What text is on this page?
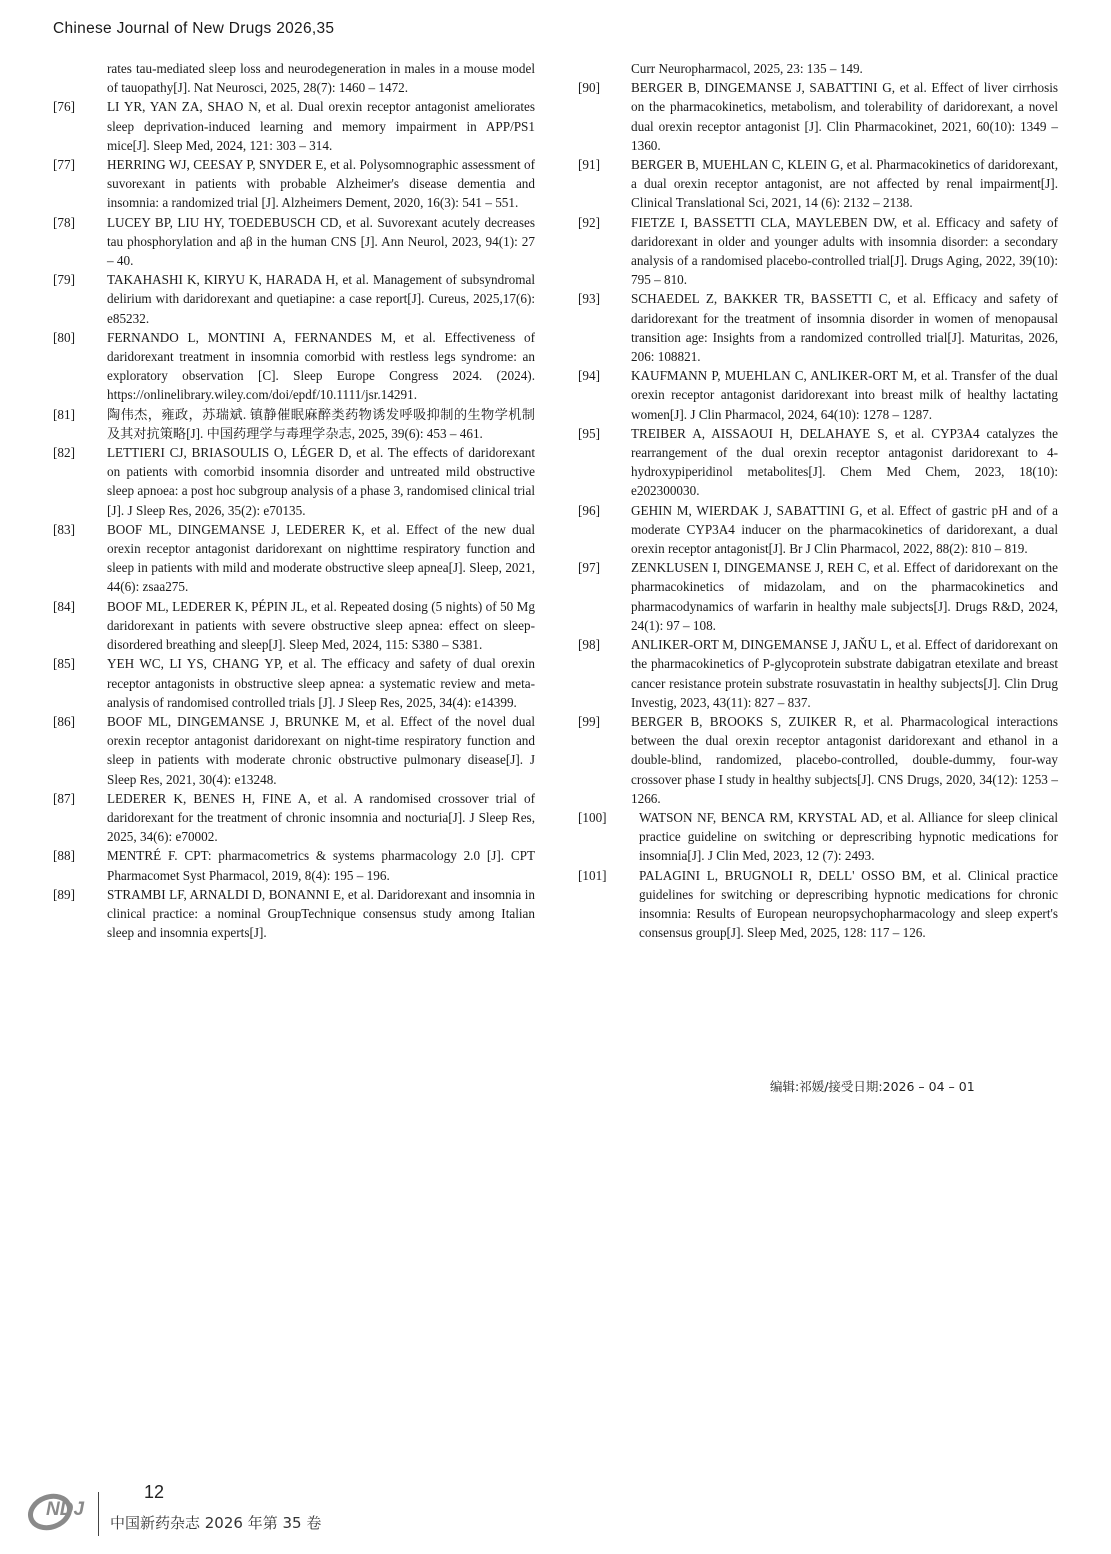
Chinese Journal of New Drugs 2026,35
rates tau-mediated sleep loss and neurodegeneration in males in a mouse model of tauopathy[J]. Nat Neurosci, 2025, 28(7): 1460 – 1472.
[76]	LI YR, YAN ZA, SHAO N, et al. Dual orexin receptor antagonist ameliorates sleep deprivation-induced learning and memory impairment in APP/PS1 mice[J]. Sleep Med, 2024, 121: 303 – 314.
[77]	HERRING WJ, CEESAY P, SNYDER E, et al. Polysomnographic assessment of suvorexant in patients with probable Alzheimer's disease dementia and insomnia: a randomized trial [J]. Alzheimers Dement, 2020, 16(3): 541 – 551.
[78]	LUCEY BP, LIU HY, TOEDEBUSCH CD, et al. Suvorexant acutely decreases tau phosphorylation and aβ in the human CNS [J]. Ann Neurol, 2023, 94(1): 27 – 40.
[79]	TAKAHASHI K, KIRYU K, HARADA H, et al. Management of subsyndromal delirium with daridorexant and quetiapine: a case report[J]. Cureus, 2025,17(6): e85232.
[80]	FERNANDO L, MONTINI A, FERNANDES M, et al. Effectiveness of daridorexant treatment in insomnia comorbid with restless legs syndrome: an exploratory observation [C]. Sleep Europe Congress 2024. (2024). https://onlinelibrary.wiley.com/doi/epdf/10.1111/jsr.14291.
[81]	陶伟杰，雍政，苏瑞斌. 镇静催眠麻醉类药物诱发呼吸抑制的生物学机制及其对抗策略[J]. 中国药理学与毒理学杂志, 2025, 39(6): 453 – 461.
[82]	LETTIERI CJ, BRIASOULIS O, LÉGER D, et al. The effects of daridorexant on patients with comorbid insomnia disorder and untreated mild obstructive sleep apnoea: a post hoc subgroup analysis of a phase 3, randomised clinical trial [J]. J Sleep Res, 2026, 35(2): e70135.
[83]	BOOF ML, DINGEMANSE J, LEDERER K, et al. Effect of the new dual orexin receptor antagonist daridorexant on nighttime respiratory function and sleep in patients with mild and moderate obstructive sleep apnea[J]. Sleep, 2021, 44(6): zsaa275.
[84]	BOOF ML, LEDERER K, PÉPIN JL, et al. Repeated dosing (5 nights) of 50 Mg daridorexant in patients with severe obstructive sleep apnea: effect on sleep-disordered breathing and sleep[J]. Sleep Med, 2024, 115: S380 – S381.
[85]	YEH WC, LI YS, CHANG YP, et al. The efficacy and safety of dual orexin receptor antagonists in obstructive sleep apnea: a systematic review and meta-analysis of randomised controlled trials [J]. J Sleep Res, 2025, 34(4): e14399.
[86]	BOOF ML, DINGEMANSE J, BRUNKE M, et al. Effect of the novel dual orexin receptor antagonist daridorexant on night-time respiratory function and sleep in patients with moderate chronic obstructive pulmonary disease[J]. J Sleep Res, 2021, 30(4): e13248.
[87]	LEDERER K, BENES H, FINE A, et al. A randomised crossover trial of daridorexant for the treatment of chronic insomnia and nocturia[J]. J Sleep Res, 2025, 34(6): e70002.
[88]	MENTRÉ F. CPT: pharmacometrics & systems pharmacology 2.0 [J]. CPT Pharmacomet Syst Pharmacol, 2019, 8(4): 195 – 196.
[89]	STRAMBI LF, ARNALDI D, BONANNI E, et al. Daridorexant and insomnia in clinical practice: a nominal GroupTechnique consensus study among Italian sleep and insomnia experts[J].
Curr Neuropharmacol, 2025, 23: 135 – 149.
[90]	BERGER B, DINGEMANSE J, SABATTINI G, et al. Effect of liver cirrhosis on the pharmacokinetics, metabolism, and tolerability of daridorexant, a novel dual orexin receptor antagonist [J]. Clin Pharmacokinet, 2021, 60(10): 1349 – 1360.
[91]	BERGER B, MUEHLAN C, KLEIN G, et al. Pharmacokinetics of daridorexant, a dual orexin receptor antagonist, are not affected by renal impairment[J]. Clinical Translational Sci, 2021, 14 (6): 2132 – 2138.
[92]	FIETZE I, BASSETTI CLA, MAYLEBEN DW, et al. Efficacy and safety of daridorexant in older and younger adults with insomnia disorder: a secondary analysis of a randomised placebo-controlled trial[J]. Drugs Aging, 2022, 39(10): 795 – 810.
[93]	SCHAEDEL Z, BAKKER TR, BASSETTI C, et al. Efficacy and safety of daridorexant for the treatment of insomnia disorder in women of menopausal transition age: Insights from a randomized controlled trial[J]. Maturitas, 2026, 206: 108821.
[94]	KAUFMANN P, MUEHLAN C, ANLIKER-ORT M, et al. Transfer of the dual orexin receptor antagonist daridorexant into breast milk of healthy lactating women[J]. J Clin Pharmacol, 2024, 64(10): 1278 – 1287.
[95]	TREIBER A, AISSAOUI H, DELAHAYE S, et al. CYP3A4 catalyzes the rearrangement of the dual orexin receptor antagonist daridorexant to 4-hydroxypiperidinol metabolites[J]. Chem Med Chem, 2023, 18(10): e202300030.
[96]	GEHIN M, WIERDAK J, SABATTINI G, et al. Effect of gastric pH and of a moderate CYP3A4 inducer on the pharmacokinetics of daridorexant, a dual orexin receptor antagonist[J]. Br J Clin Pharmacol, 2022, 88(2): 810 – 819.
[97]	ZENKLUSEN I, DINGEMANSE J, REH C, et al. Effect of daridorexant on the pharmacokinetics of midazolam, and on the pharmacokinetics and pharmacodynamics of warfarin in healthy male subjects[J]. Drugs R&D, 2024, 24(1): 97 – 108.
[98]	ANLIKER-ORT M, DINGEMANSE J, JAŇU L, et al. Effect of daridorexant on the pharmacokinetics of P-glycoprotein substrate dabigatran etexilate and breast cancer resistance protein substrate rosuvastatin in healthy subjects[J]. Clin Drug Investig, 2023, 43(11): 827 – 837.
[99]	BERGER B, BROOKS S, ZUIKER R, et al. Pharmacological interactions between the dual orexin receptor antagonist daridorexant and ethanol in a double-blind, randomized, placebo-controlled, double-dummy, four-way crossover phase I study in healthy subjects[J]. CNS Drugs, 2020, 34(12): 1253 – 1266.
[100]	WATSON NF, BENCA RM, KRYSTAL AD, et al. Alliance for sleep clinical practice guideline on switching or deprescribing hypnotic medications for insomnia[J]. J Clin Med, 2023, 12 (7): 2493.
[101]	PALAGINI L, BRUGNOLI R, DELL' OSSO BM, et al. Clinical practice guidelines for switching or deprescribing hypnotic medications for chronic insomnia: Results of European neuropsychopharmacology and sleep expert's consensus group[J]. Sleep Med, 2025, 128: 117 – 126.
编辑:祁媛/接受日期:2026 – 04 – 01
NDJ
12
中国新药杂志 2026 年第 35 卷
